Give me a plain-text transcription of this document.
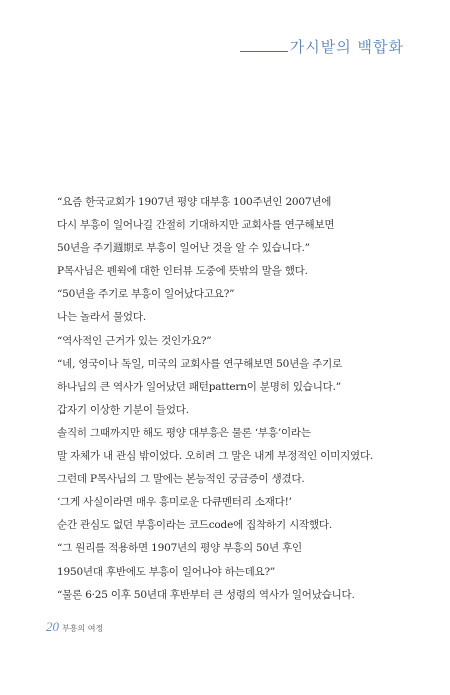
가시밭의 백합화
“요즘 한국교회가 1907년 평양 대부흥 100주년인 2007년에
다시 부흥이 일어나길 간절히 기대하지만 교회사를 연구해보면
50년을 주기週期로 부흥이 일어난 것을 알 수 있습니다.”
P목사님은 펜윅에 대한 인터뷰 도중에 뜻밖의 말을 했다.
“50년을 주기로 부흥이 일어났다고요?”
나는 놀라서 물었다.
“역사적인 근거가 있는 것인가요?”
“네, 영국이나 독일, 미국의 교회사를 연구해보면 50년을 주기로
하나님의 큰 역사가 일어났던 패턴pattern이 분명히 있습니다.”
갑자기 이상한 기분이 들었다.
솔직히 그때까지만 해도 평양 대부흥은 물론 ‘부흥’이라는
말 자체가 내 관심 밖이었다. 오히려 그 말은 내게 부정적인 이미지였다.
그런데 P목사님의 그 말에는 본능적인 궁금증이 생겼다.
‘그게 사실이라면 매우 흥미로운 다큐멘터리 소재다!’
순간 관심도 없던 부흥이라는 코드code에 집착하기 시작했다.
“그 원리를 적용하면 1907년의 평양 부흥의 50년 후인
1950년대 후반에도 부흥이 일어나야 하는데요?”
“물론 6·25 이후 50년대 후반부터 큰 성령의 역사가 일어났습니다.
20 부흥의 여정
